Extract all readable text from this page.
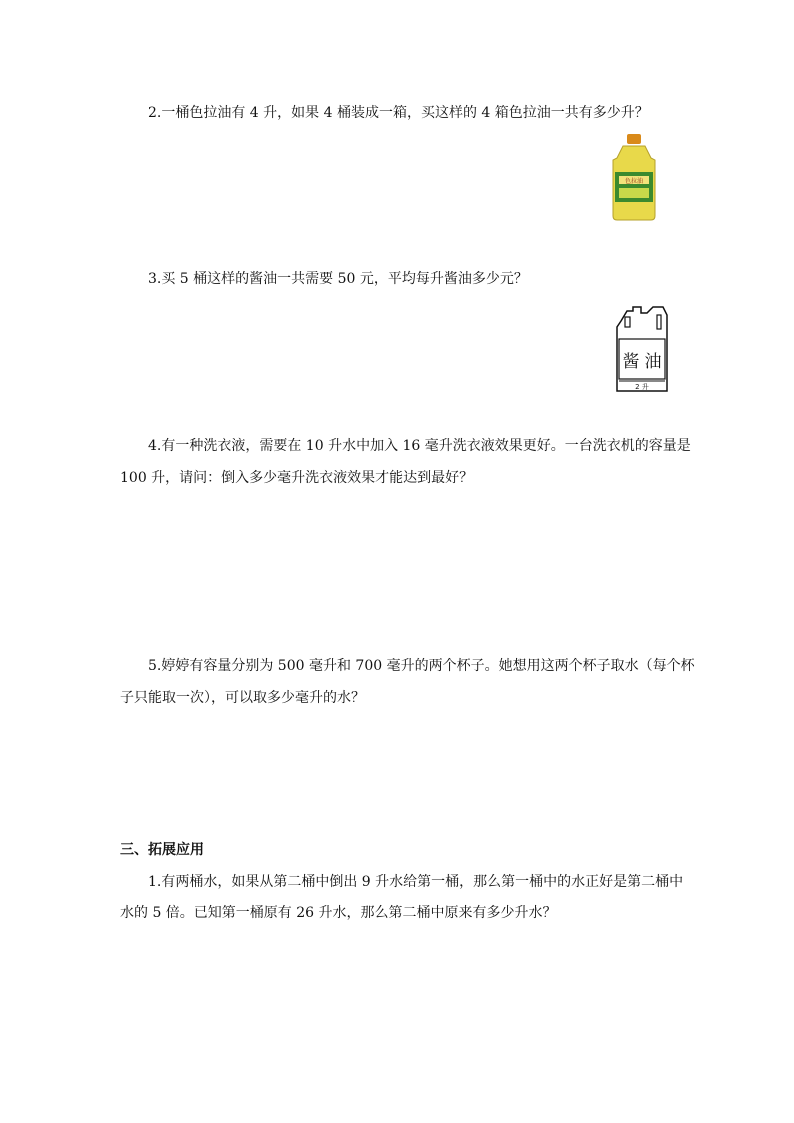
2.一桶色拉油有 4 升，如果 4 桶装成一箱，买这样的 4 箱色拉油一共有多少升？
色拉油
3.买 5 桶这样的酱油一共需要 50 元，平均每升酱油多少元？
酱 油
2 升
4.有一种洗衣液，需要在 10 升水中加入 16 毫升洗衣液效果更好。一台洗衣机的容量是
100 升，请问：倒入多少毫升洗衣液效果才能达到最好？
5.婷婷有容量分别为 500 毫升和 700 毫升的两个杯子。她想用这两个杯子取水（每个杯
子只能取一次），可以取多少毫升的水？
三、拓展应用
1.有两桶水，如果从第二桶中倒出 9 升水给第一桶，那么第一桶中的水正好是第二桶中
水的 5 倍。已知第一桶原有 26 升水，那么第二桶中原来有多少升水？
